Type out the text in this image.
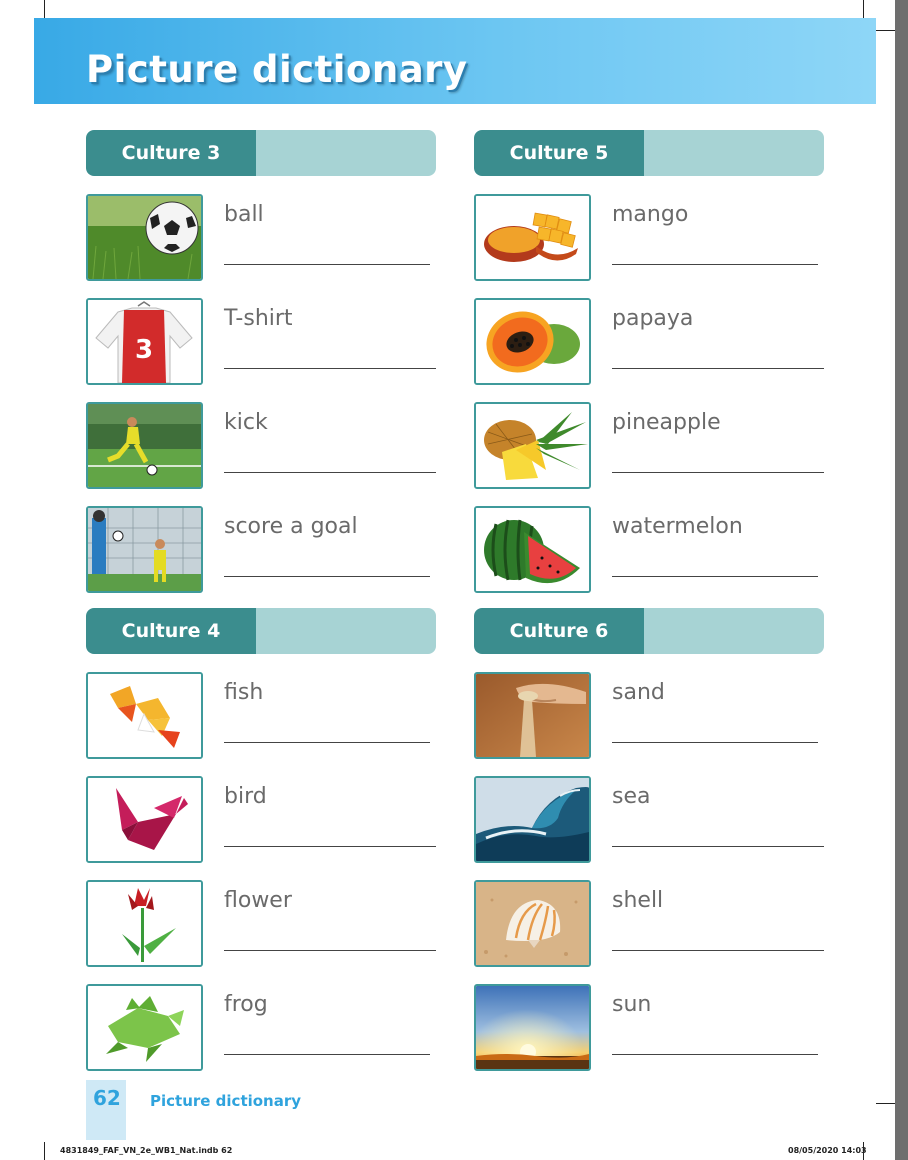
Picture dictionary
Culture 3
ball
3
T-shirt
kick
score a goal
Culture 5
mango
papaya
pineapple
watermelon
Culture 4
fish
bird
flower
frog
Culture 6
sand
sea
shell
sun
62 Picture dictionary
4831849_FAF_VN_2e_WB1_Nat.indb 62	08/05/2020 14:03
